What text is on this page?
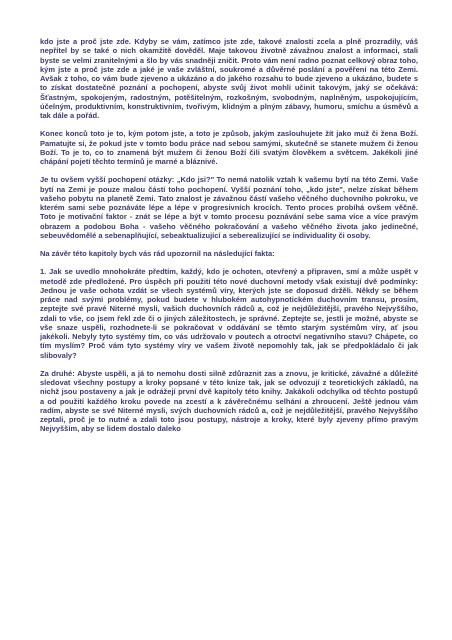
kdo jste a proč jste zde. Kdyby se vám, zatímco jste zde, takové znalosti zcela a plně prozradily, váš nepřítel by se také o nich okamžitě dověděl. Maje takovou životně závažnou znalost a informaci, stali byste se velmi zranitelnými a šlo by vás snadněji zničit. Proto vám není radno poznat celkový obraz toho, kým jste a proč jste zde a jaké je vaše zvláštní, soukromé a důvěrné poslání a pověření na této Zemi. Avšak z toho, co vám bude zjeveno a ukázáno a do jakého rozsahu to bude zjeveno a ukázáno, budete s to získat dostatečné poznání a pochopení, abyste svůj život mohli učinit takovým, jaký se očekává: Šťastným, spokojeným, radostným, potěšitelným, rozkošným, svobodným, naplněným, uspokojujícím, účelným, produktivním, konstruktivním, tvořivým, klidným a plným zábavy, humoru, smíchu a úsměvů a tak dále a pořád.

Konec konců toto je to, kým potom jste, a toto je způsob, jakým zaslouhujete žít jako muž či žena Boží. Pamatujte si, že pokud jste v tomto bodu práce nad sebou samými, skutečně se stanete mužem či ženou Boží. To je to, co to znamená být mužem či ženou Boží čili svatým člověkem a světcem. Jakékoli jiné chápání pojetí těchto termínů je marné a bláznivé.

Je tu ovšem vyšší pochopení otázky: „Kdo jsi?" To nemá natolik vztah k vašemu bytí na této Zemi. Vaše bytí na Zemi je pouze malou částí toho pochopení. Vyšší poznání toho, „kdo jste", nelze získat během vašeho pobytu na planetě Zemi. Tato znalost je závažnou částí vašeho věčného duchovního pokroku, ve kterém sami sebe poznáváte lépe a lépe v progresivních krocích. Tento proces probíhá ovšem věčně. Toto je motivační faktor - znát se lépe a být v tomto procesu poznávání sebe sama více a více pravým obrazem a podobou Boha - vašeho věčného pokračování a vašeho věčného života jako jedinečné, sebeuvědomělé a sebenaplňující, sebeaktualizující a seberealizující se individuality či osoby.

Na závěr této kapitoly bych vás rád upozornil na následující fakta:

1. Jak se uvedlo mnohokráte předtím, každý, kdo je ochoten, otevřený a připraven, smí a může uspět v metodě zde předložené. Pro úspěch při použití této nové duchovní metody však existují dvě podmínky: Jednou je vaše ochota vzdát se všech systémů víry, kterých jste se doposud držěli. Někdy se během práce nad svými problémy, pokud budete v hlubokém autohypnotickém duchovním transu, prosím, zeptejte své pravé Niterné mysli, vašich duchovních rádců a, což je nejdůležitější, pravého Nejvyššího, zdali to vše, co jsem řekl zde či o jiných záležitostech, je správné. Zeptejte se, jestli je možné, abyste se vše snaze uspěli, rozhodnete-li se pokračovat v oddávání se těmto starým systémům víry, ať jsou jakékoli. Nebyly tyto systémy tím, co vás udržovalo v poutech a otroctví negativního stavu? Chápete, co tím myslím? Proč vám tyto systémy víry ve vašem životě nepomohly tak, jak se předpokládalo či jak slibovaly?

Za druhé: Abyste uspěli, a já to nemohu dosti silně zdůraznit zas a znovu, je kritické, závažné a důležité sledovat všechny postupy a kroky popsané v této knize tak, jak se odvozují z teoretických základů, na nichž jsou postaveny a jak je odrážejí první dvě kapitoly této knihy. Jakákoli odchylka od těchto postupů a od použití každého kroku povede na zcestí a k závěrečnému selhání a zhroucení. Ještě jednou vám radím, abyste se své Niterné mysli, svých duchovních rádců a, což je nejdůležitější, pravého Nejvyššího zeptali, proč je to nutné a zdali toto jsou postupy, nástroje a kroky, které byly zjeveny přímo pravým Nejvyšším, aby se lidem dostalo daleko
